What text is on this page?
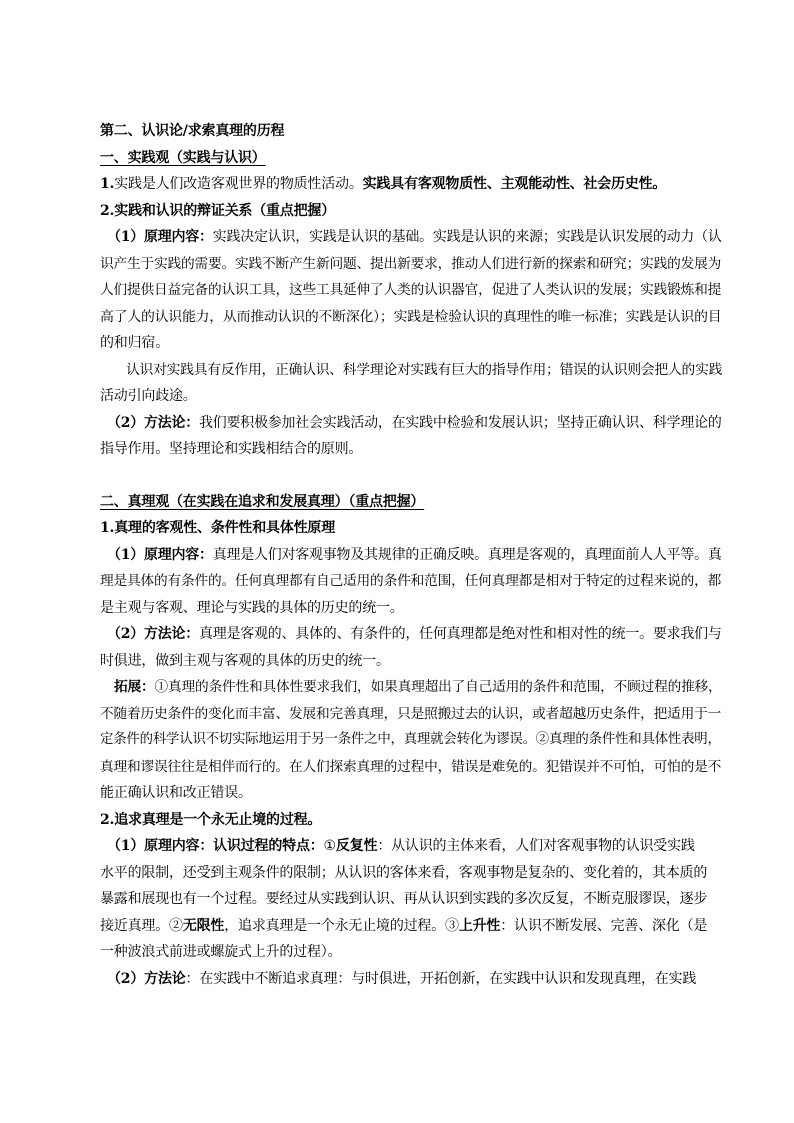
第二、认识论/求索真理的历程
一、实践观（实践与认识）
1.实践是人们改造客观世界的物质性活动。实践具有客观物质性、主观能动性、社会历史性。
2.实践和认识的辩证关系（重点把握）
（1）原理内容：实践决定认识，实践是认识的基础。实践是认识的来源；实践是认识发展的动力（认
识产生于实践的需要。实践不断产生新问题、提出新要求，推动人们进行新的探索和研究；实践的发展为
人们提供日益完备的认识工具，这些工具延伸了人类的认识器官，促进了人类认识的发展；实践锻炼和提
高了人的认识能力，从而推动认识的不断深化）；实践是检验认识的真理性的唯一标准；实践是认识的目
的和归宿。
认识对实践具有反作用，正确认识、科学理论对实践有巨大的指导作用；错误的认识则会把人的实践
活动引向歧途。
（2）方法论：我们要积极参加社会实践活动，在实践中检验和发展认识；坚持正确认识、科学理论的
指导作用。坚持理论和实践相结合的原则。
二、真理观（在实践在追求和发展真理）（重点把握）
1.真理的客观性、条件性和具体性原理
（1）原理内容：真理是人们对客观事物及其规律的正确反映。真理是客观的，真理面前人人平等。真
理是具体的有条件的。任何真理都有自己适用的条件和范围，任何真理都是相对于特定的过程来说的，都
是主观与客观、理论与实践的具体的历史的统一。
（2）方法论：真理是客观的、具体的、有条件的，任何真理都是绝对性和相对性的统一。要求我们与
时俱进，做到主观与客观的具体的历史的统一。
拓展：①真理的条件性和具体性要求我们，如果真理超出了自己适用的条件和范围，不顾过程的推移，
不随着历史条件的变化而丰富、发展和完善真理，只是照搬过去的认识，或者超越历史条件，把适用于一
定条件的科学认识不切实际地运用于另一条件之中，真理就会转化为谬误。②真理的条件性和具体性表明，
真理和谬误往往是相伴而行的。在人们探索真理的过程中，错误是难免的。犯错误并不可怕，可怕的是不
能正确认识和改正错误。
2.追求真理是一个永无止境的过程。
（1）原理内容：认识过程的特点：①反复性：从认识的主体来看，人们对客观事物的认识受实践
水平的限制，还受到主观条件的限制；从认识的客体来看，客观事物是复杂的、变化着的，其本质的
暴露和展现也有一个过程。要经过从实践到认识、再从认识到实践的多次反复，不断克服谬误，逐步
接近真理。②无限性，追求真理是一个永无止境的过程。③上升性：认识不断发展、完善、深化（是
一种波浪式前进或螺旋式上升的过程）。
（2）方法论：在实践中不断追求真理：与时俱进，开拓创新，在实践中认识和发现真理，在实践
